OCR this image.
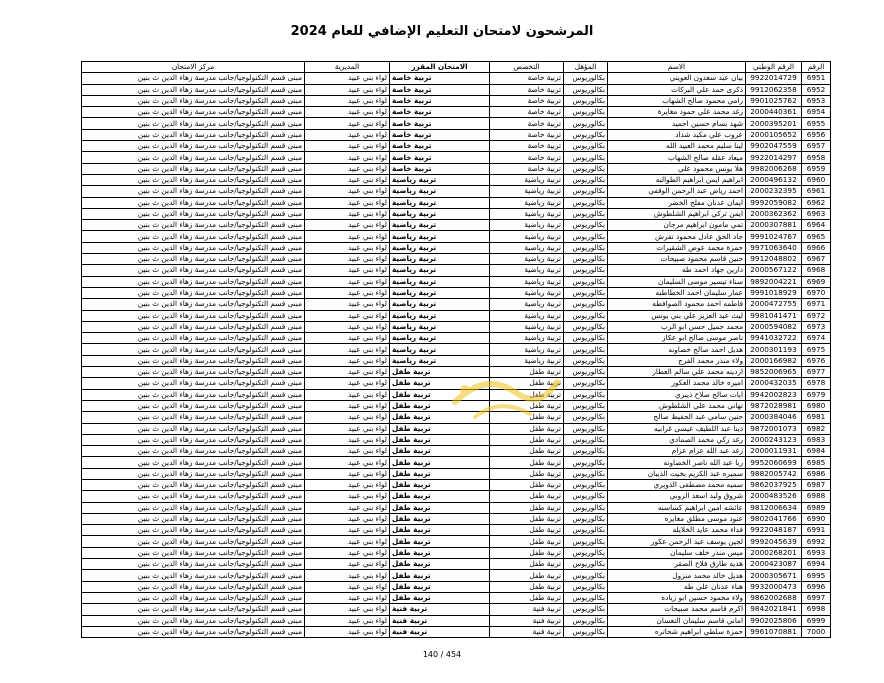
المرشحون لامتحان التعليم الإضافي للعام 2024
الرقم	الرقم الوطني	الاسم	المؤهل	التخصص	الامتحان المقرر	المديرية	مركز الامتحان
6951	9922014729	بيان عبد سعدون العويني	بكالوريوس	تربية خاصة	تربية خاصة	لواء بني عبيد	مبنى قسم التكنولوجيا/جانب مدرسة زهاء الدين ث بنين
6952	9912062358	ذكرى حمد علي البركات	بكالوريوس	تربية خاصة	تربية خاصة	لواء بني عبيد	مبنى قسم التكنولوجيا/جانب مدرسة زهاء الدين ث بنين
6953	9901025762	رامي محمود صالح الشهاب	بكالوريوس	تربية خاصة	تربية خاصة	لواء بني عبيد	مبنى قسم التكنولوجيا/جانب مدرسة زهاء الدين ث بنين
6954	2000440361	رغد محمد علي حمود مغايرة	بكالوريوس	تربية خاصة	تربية خاصة	لواء بني عبيد	مبنى قسم التكنولوجيا/جانب مدرسة زهاء الدين ث بنين
6955	2000395201	شهد بسام حسين احميد	بكالوريوس	تربية خاصة	تربية خاصة	لواء بني عبيد	مبنى قسم التكنولوجيا/جانب مدرسة زهاء الدين ث بنين
6956	2000105652	عروب علي مكيد شداد	بكالوريوس	تربية خاصة	تربية خاصة	لواء بني عبيد	مبنى قسم التكنولوجيا/جانب مدرسة زهاء الدين ث بنين
6957	9902047559	لينا سليم محمد العبيد الله	بكالوريوس	تربية خاصة	تربية خاصة	لواء بني عبيد	مبنى قسم التكنولوجيا/جانب مدرسة زهاء الدين ث بنين
6958	9922014297	ميعاد عقله صالح الشهاب	بكالوريوس	تربية خاصة	تربية خاصة	لواء بني عبيد	مبنى قسم التكنولوجيا/جانب مدرسة زهاء الدين ث بنين
6959	9982006268	هلا يونس محمود علي	بكالوريوس	تربية خاصة	تربية خاصة	لواء بني عبيد	مبنى قسم التكنولوجيا/جانب مدرسة زهاء الدين ث بنين
6960	2000496132	ابراهيم ايمن ابراهيم الطوالبه	بكالوريوس	تربية رياضية	تربية رياضية	لواء بني عبيد	مبنى قسم التكنولوجيا/جانب مدرسة زهاء الدين ث بنين
6961	2000232395	احمد رياض عبد الرحمن الوقفي	بكالوريوس	تربية رياضية	تربية رياضية	لواء بني عبيد	مبنى قسم التكنولوجيا/جانب مدرسة زهاء الدين ث بنين
6962	9992059082	ايمان عدنان مفلح الخضر	بكالوريوس	تربية رياضية	تربية رياضية	لواء بني عبيد	مبنى قسم التكنولوجيا/جانب مدرسة زهاء الدين ث بنين
6963	2000362362	ايمن تركي ابراهيم الشلطوش	بكالوريوس	تربية رياضية	تربية رياضية	لواء بني عبيد	مبنى قسم التكنولوجيا/جانب مدرسة زهاء الدين ث بنين
6964	2000307881	تمي مامون ابراهيم مرجان	بكالوريوس	تربية رياضية	تربية رياضية	لواء بني عبيد	مبنى قسم التكنولوجيا/جانب مدرسة زهاء الدين ث بنين
6965	9991024767	جاد الحق عادل محمود نفرش	بكالوريوس	تربية رياضية	تربية رياضية	لواء بني عبيد	مبنى قسم التكنولوجيا/جانب مدرسة زهاء الدين ث بنين
6966	9971063640	حمزة محمد عوض الشقيرات	بكالوريوس	تربية رياضية	تربية رياضية	لواء بني عبيد	مبنى قسم التكنولوجيا/جانب مدرسة زهاء الدين ث بنين
6967	9912048802	حنين قاسم محمود صبيحات	بكالوريوس	تربية رياضية	تربية رياضية	لواء بني عبيد	مبنى قسم التكنولوجيا/جانب مدرسة زهاء الدين ث بنين
6968	2000567122	دارين جهاد احمد طه	بكالوريوس	تربية رياضية	تربية رياضية	لواء بني عبيد	مبنى قسم التكنولوجيا/جانب مدرسة زهاء الدين ث بنين
6969	9892004221	سناء تيسير موسى السليمان	بكالوريوس	تربية رياضية	تربية رياضية	لواء بني عبيد	مبنى قسم التكنولوجيا/جانب مدرسة زهاء الدين ث بنين
6970	9991018929	عمار سليمان احمد الخطاطبه	بكالوريوس	تربية رياضية	تربية رياضية	لواء بني عبيد	مبنى قسم التكنولوجيا/جانب مدرسة زهاء الدين ث بنين
6971	2000472755	فاطمه احمد محمود الصوافطه	بكالوريوس	تربية رياضية	تربية رياضية	لواء بني عبيد	مبنى قسم التكنولوجيا/جانب مدرسة زهاء الدين ث بنين
6972	9981041471	ليث عبد العزيز علي بني يونس	بكالوريوس	تربية رياضية	تربية رياضية	لواء بني عبيد	مبنى قسم التكنولوجيا/جانب مدرسة زهاء الدين ث بنين
6973	2000594082	محمد جميل حسن ابو الرب	بكالوريوس	تربية رياضية	تربية رياضية	لواء بني عبيد	مبنى قسم التكنولوجيا/جانب مدرسة زهاء الدين ث بنين
6974	9941032722	ناصر موسى صالح ابو عكاز	بكالوريوس	تربية رياضية	تربية رياضية	لواء بني عبيد	مبنى قسم التكنولوجيا/جانب مدرسة زهاء الدين ث بنين
6975	2000301193	هديل احمد صالح خصاونه	بكالوريوس	تربية رياضية	تربية رياضية	لواء بني عبيد	مبنى قسم التكنولوجيا/جانب مدرسة زهاء الدين ث بنين
6976	2000166982	ولاء منذر محمد الفرج	بكالوريوس	تربية رياضية	تربية رياضية	لواء بني عبيد	مبنى قسم التكنولوجيا/جانب مدرسة زهاء الدين ث بنين
6977	9852006965	اردينه محمد علي سالم العطار	بكالوريوس	تربية طفل	تربية طفل	لواء بني عبيد	مبنى قسم التكنولوجيا/جانب مدرسة زهاء الدين ث بنين
6978	2000432035	اميره خالد محمد العكور	بكالوريوس	تربية طفل	تربية طفل	لواء بني عبيد	مبنى قسم التكنولوجيا/جانب مدرسة زهاء الدين ث بنين
6979	9942002823	ايات صالح صلاح ذيبري	بكالوريوس	تربية طفل	تربية طفل	لواء بني عبيد	مبنى قسم التكنولوجيا/جانب مدرسة زهاء الدين ث بنين
6980	9872028981	تهاني محمد علي الشلطوش	بكالوريوس	تربية طفل	تربية طفل	لواء بني عبيد	مبنى قسم التكنولوجيا/جانب مدرسة زهاء الدين ث بنين
6981	2000384046	حنين سامي عبد الحفيظ صالح	بكالوريوس	تربية طفل	تربية طفل	لواء بني عبيد	مبنى قسم التكنولوجيا/جانب مدرسة زهاء الدين ث بنين
6982	9872001073	دينا عبد اللطيف عيسى غرابيه	بكالوريوس	تربية طفل	تربية طفل	لواء بني عبيد	مبنى قسم التكنولوجيا/جانب مدرسة زهاء الدين ث بنين
6983	2000243123	رغد زكي محمد الصمادي	بكالوريوس	تربية طفل	تربية طفل	لواء بني عبيد	مبنى قسم التكنولوجيا/جانب مدرسة زهاء الدين ث بنين
6984	2000011931	رغد عبد الله عزام عزام	بكالوريوس	تربية طفل	تربية طفل	لواء بني عبيد	مبنى قسم التكنولوجيا/جانب مدرسة زهاء الدين ث بنين
6985	9952060699	ربا عبد الله ناصر الخصاونه	بكالوريوس	تربية طفل	تربية طفل	لواء بني عبيد	مبنى قسم التكنولوجيا/جانب مدرسة زهاء الدين ث بنين
6986	9882005742	سميره عبد الكريم بخيت الذيبان	بكالوريوس	تربية طفل	تربية طفل	لواء بني عبيد	مبنى قسم التكنولوجيا/جانب مدرسة زهاء الدين ث بنين
6987	9862037925	سميه محمد مصطفى الذويري	بكالوريوس	تربية طفل	تربية طفل	لواء بني عبيد	مبنى قسم التكنولوجيا/جانب مدرسة زهاء الدين ث بنين
6988	2000483526	شروق وليد اسعد الزوبي	بكالوريوس	تربية طفل	تربية طفل	لواء بني عبيد	مبنى قسم التكنولوجيا/جانب مدرسة زهاء الدين ث بنين
6989	9812006634	عائشه امين ابراهيم كساسبه	بكالوريوس	تربية طفل	تربية طفل	لواء بني عبيد	مبنى قسم التكنولوجيا/جانب مدرسة زهاء الدين ث بنين
6990	9802041766	عنود موسى مطلق مغايره	بكالوريوس	تربية طفل	تربية طفل	لواء بني عبيد	مبنى قسم التكنولوجيا/جانب مدرسة زهاء الدين ث بنين
6991	9922048187	فداء محمد عايد الخلايله	بكالوريوس	تربية طفل	تربية طفل	لواء بني عبيد	مبنى قسم التكنولوجيا/جانب مدرسة زهاء الدين ث بنين
6992	9992045639	لجين يوسف عبد الرحمن عكور	بكالوريوس	تربية طفل	تربية طفل	لواء بني عبيد	مبنى قسم التكنولوجيا/جانب مدرسة زهاء الدين ث بنين
6993	2000268201	ميس منذر خلف سليمان	بكالوريوس	تربية طفل	تربية طفل	لواء بني عبيد	مبنى قسم التكنولوجيا/جانب مدرسة زهاء الدين ث بنين
6994	2000423087	هديه طارق فلاح الصقر	بكالوريوس	تربية طفل	تربية طفل	لواء بني عبيد	مبنى قسم التكنولوجيا/جانب مدرسة زهاء الدين ث بنين
6995	2000305671	هديل خالد محمد منزول	بكالوريوس	تربية طفل	تربية طفل	لواء بني عبيد	مبنى قسم التكنولوجيا/جانب مدرسة زهاء الدين ث بنين
6996	9932000473	هناء عدنان علي طه	بكالوريوس	تربية طفل	تربية طفل	لواء بني عبيد	مبنى قسم التكنولوجيا/جانب مدرسة زهاء الدين ث بنين
6997	9862002688	ولاء محمود حسين ابو زياده	بكالوريوس	تربية طفل	تربية طفل	لواء بني عبيد	مبنى قسم التكنولوجيا/جانب مدرسة زهاء الدين ث بنين
6998	9842021841	اكرم قاسم محمد صبيحات	بكالوريوس	تربية فنية	تربية فنية	لواء بني عبيد	مبنى قسم التكنولوجيا/جانب مدرسة زهاء الدين ث بنين
6999	9902025806	اماني قاسم سليمان النعسان	بكالوريوس	تربية فنية	تربية فنية	لواء بني عبيد	مبنى قسم التكنولوجيا/جانب مدرسة زهاء الدين ث بنين
7000	9961070881	حمزة سلطي ابراهيم شحاتره	بكالوريوس	تربية فنية	تربية فنية	لواء بني عبيد	مبنى قسم التكنولوجيا/جانب مدرسة زهاء الدين ث بنين
140 / 454
